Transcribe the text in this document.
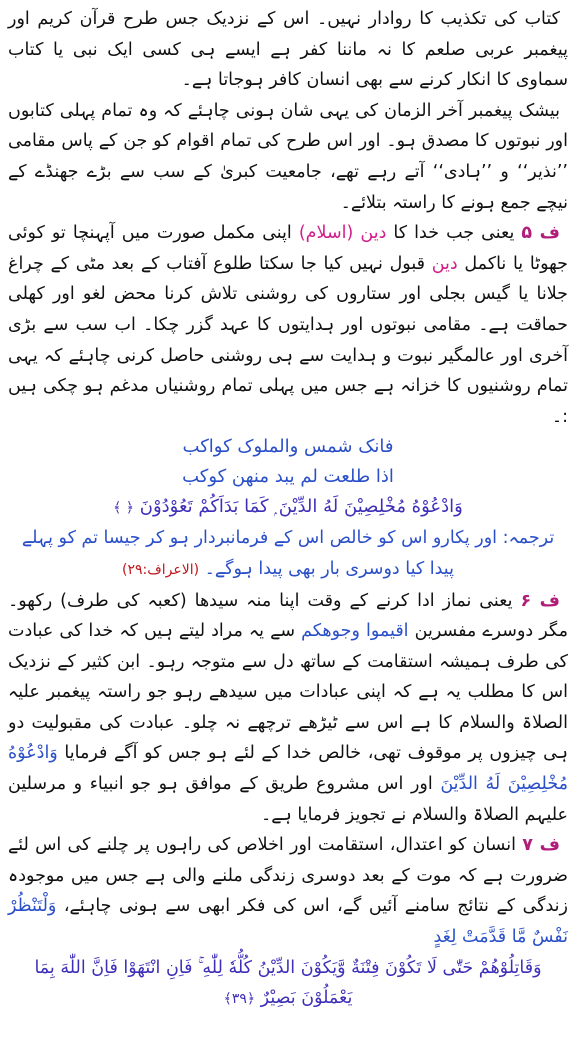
کتاب کی تکذیب کا روادار نہیں۔ اس کے نزدیک جس طرح قرآن کریم اور پیغمبر عربی صلعم کا نہ ماننا کفر ہے ایسے ہی کسی ایک نبی یا کتاب سماوی کا انکار کرنے سے بھی انسان کافر ہوجاتا ہے۔

بیشک پیغمبر آخر الزمان کی یہی شان ہونی چاہئے کہ وہ تمام پہلی کتابوں اور نبوتوں کا مصدق ہو۔ اور اس طرح کی تمام اقوام کو جن کے پاس مقامی ’’نذیر‘‘ و ’’ہادی‘‘ آتے رہے تھے، جامعیت کبریٰ کے سب سے بڑے جھنڈے کے نیچے جمع ہونے کا راستہ بتلائے۔

ف ۵ یعنی جب خدا کا دین (اسلام) اپنی مکمل صورت میں آپہنچا تو کوئی جھوٹا یا ناکمل دین قبول نہیں کیا جا سکتا طلوع آفتاب کے بعد مٹی کے چراغ جلانا یا گیس بجلی اور ستاروں کی روشنی تلاش کرنا محض لغو اور کھلی حماقت ہے۔ مقامی نبوتوں اور ہدایتوں کا عہد گزر چکا۔ اب سب سے بڑی آخری اور عالمگیر نبوت و ہدایت سے ہی روشنی حاصل کرنی چاہئے کہ یہی تمام روشنیوں کا خزانہ ہے جس میں پہلی تمام روشنیاں مدغم ہو چکی ہیں :۔

فانک شمس والملوک کواکب

اذا طلعت لم یبد منھن کوکب

وَادْعُوْهُ مُخْلِصِيْنَ لَهُ الدِّيْنَ ۭ كَمَا بَدَاَكُمْ تَعُوْدُوْنَ ﴿ ﴾

ترجمہ: اور پکارو اس کو خالص اس کے فرمانبردار ہو کر جیسا تم کو پہلے پیدا کیا دوسری بار بھی پیدا ہوگے۔ (الاعراف:۲۹)

ف ۶ یعنی نماز ادا کرنے کے وقت اپنا منہ سیدھا (کعبہ کی طرف) رکھو۔ مگر دوسرے مفسرین اقیموا وجوھکم سے یہ مراد لیتے ہیں کہ خدا کی عبادت کی طرف ہمیشہ استقامت کے ساتھ دل سے متوجہ رہو۔ ابن کثیر کے نزدیک اس کا مطلب یہ ہے کہ اپنی عبادات میں سیدھے رہو جو راستہ پیغمبر علیہ الصلاۃ والسلام کا ہے اس سے ٹیڑھے ترچھے نہ چلو۔ عبادت کی مقبولیت دو ہی چیزوں پر موقوف تھی، خالص خدا کے لئے ہو جس کو آگے فرمایا وَادْعُوْهُ مُخْلِصِيْنَ لَهُ الدِّيْنَ اور اس مشروع طریق کے موافق ہو جو انبیاء و مرسلین علیہم الصلاۃ والسلام نے تجویز فرمایا ہے۔

ف ۷ انسان کو اعتدال، استقامت اور اخلاص کی راہوں پر چلنے کی اس لئے ضرورت ہے کہ موت کے بعد دوسری زندگی ملنے والی ہے جس میں موجودہ زندگی کے نتائج سامنے آئیں گے، اس کی فکر ابھی سے ہونی چاہئے، وَلْتَنْظُرْ نَفْسٌ مَّا قَدَّمَتْ لِغَدٍ

وَقَاتِلُوْهُمْ حَتّٰى لَا تَكُوْنَ فِتْنَةٌ وَّيَكُوْنَ الدِّيْنُ كُلُّهٗ لِلّٰهِ ۚ فَاِنِ انْتَهَوْا فَاِنَّ اللّٰهَ بِمَا يَعْمَلُوْنَ بَصِيْرٌ ﴿۳۹﴾
